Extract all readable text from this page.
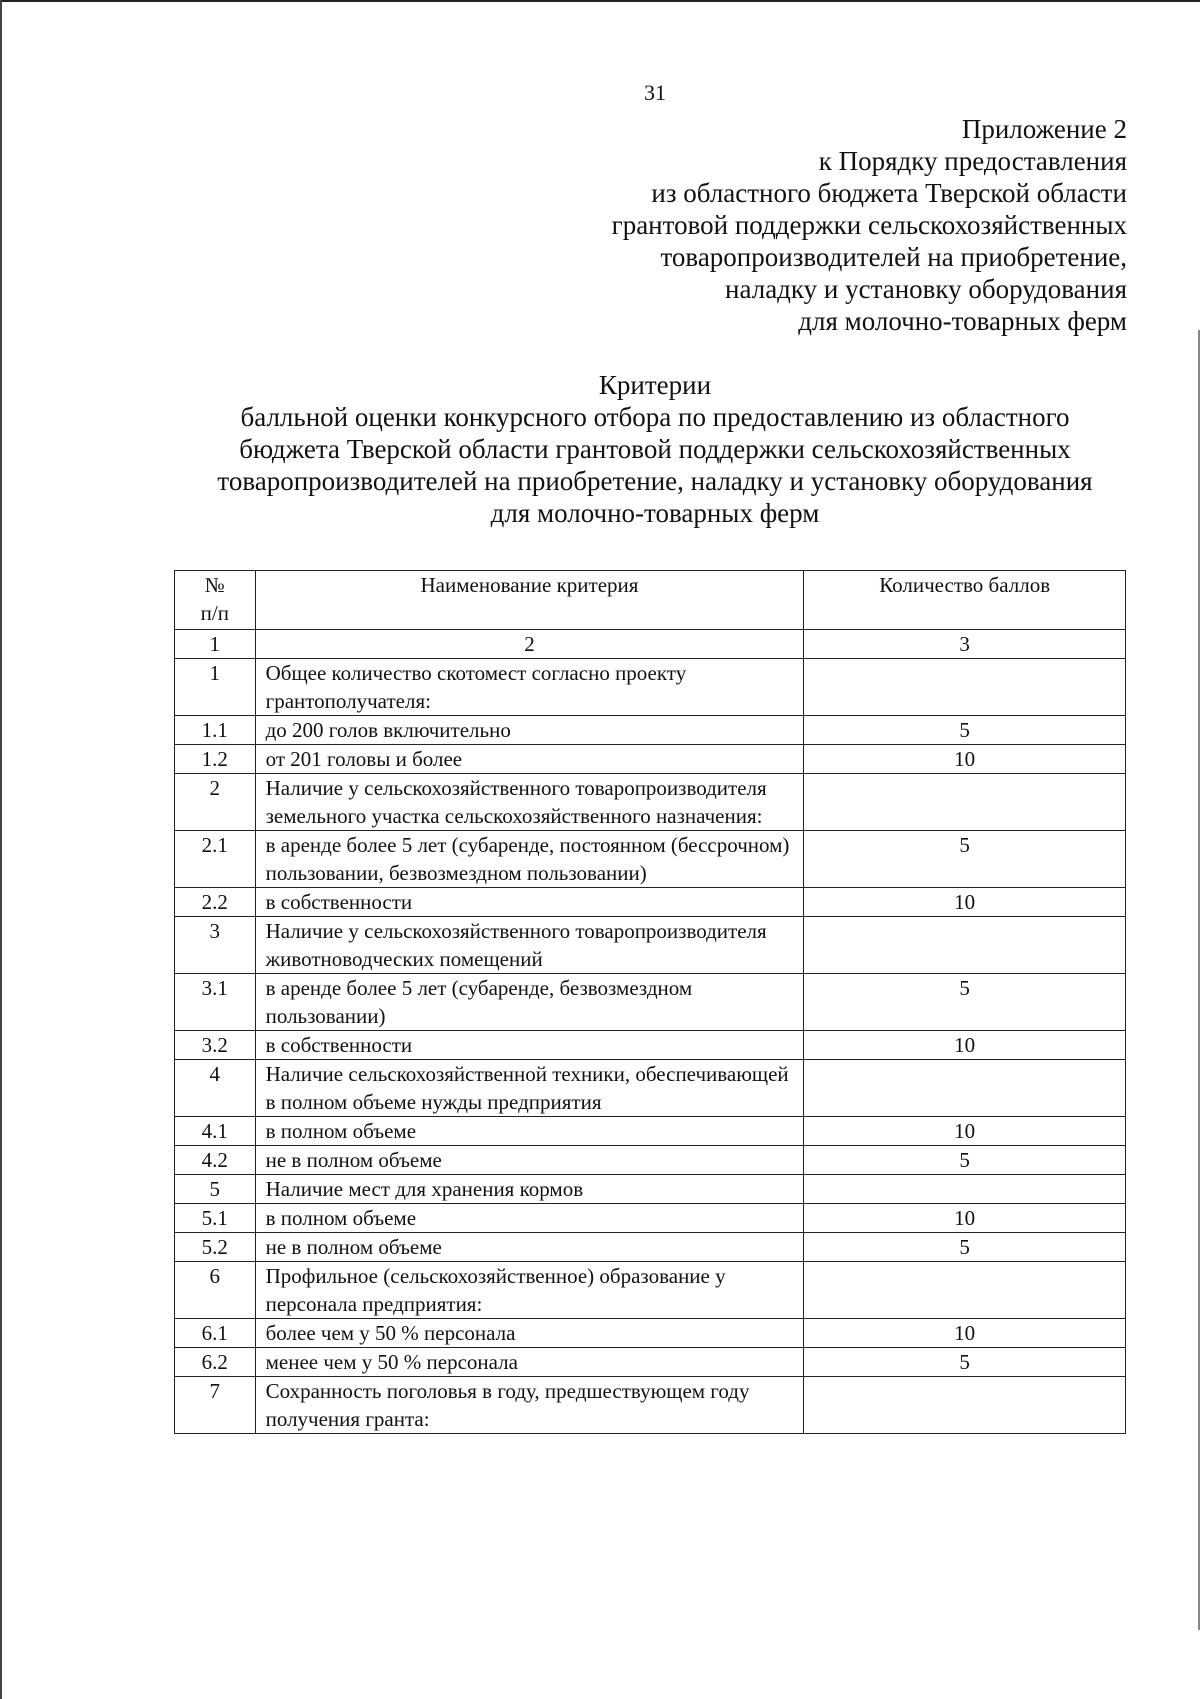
31
Приложение 2
к Порядку предоставления
из областного бюджета Тверской области
грантовой поддержки сельскохозяйственных
товаропроизводителей на приобретение,
наладку и установку оборудования
для молочно-товарных ферм
Критерии
балльной оценки конкурсного отбора по предоставлению из областного
бюджета Тверской области грантовой поддержки сельскохозяйственных
товаропроизводителей на приобретение, наладку и установку оборудования
для молочно-товарных ферм
№
п/п	Наименование критерия	Количество баллов
1	2	3
1	Общее количество скотомест согласно проекту грантополучателя:	
1.1	до 200 голов включительно	5
1.2	от 201 головы и более	10
2	Наличие у сельскохозяйственного товаропроизводителя земельного участка сельскохозяйственного назначения:	
2.1	в аренде более 5 лет (субаренде, постоянном (бессрочном) пользовании, безвозмездном пользовании)	5
2.2	в собственности	10
3	Наличие у сельскохозяйственного товаропроизводителя животноводческих помещений	
3.1	в аренде более 5 лет (субаренде, безвозмездном пользовании)	5
3.2	в собственности	10
4	Наличие сельскохозяйственной техники, обеспечивающей в полном объеме нужды предприятия	
4.1	в полном объеме	10
4.2	не в полном объеме	5
5	Наличие мест для хранения кормов	
5.1	в полном объеме	10
5.2	не в полном объеме	5
6	Профильное (сельскохозяйственное) образование у персонала предприятия:	
6.1	более чем у 50 % персонала	10
6.2	менее чем у 50 % персонала	5
7	Сохранность поголовья в году, предшествующем году получения гранта:	
